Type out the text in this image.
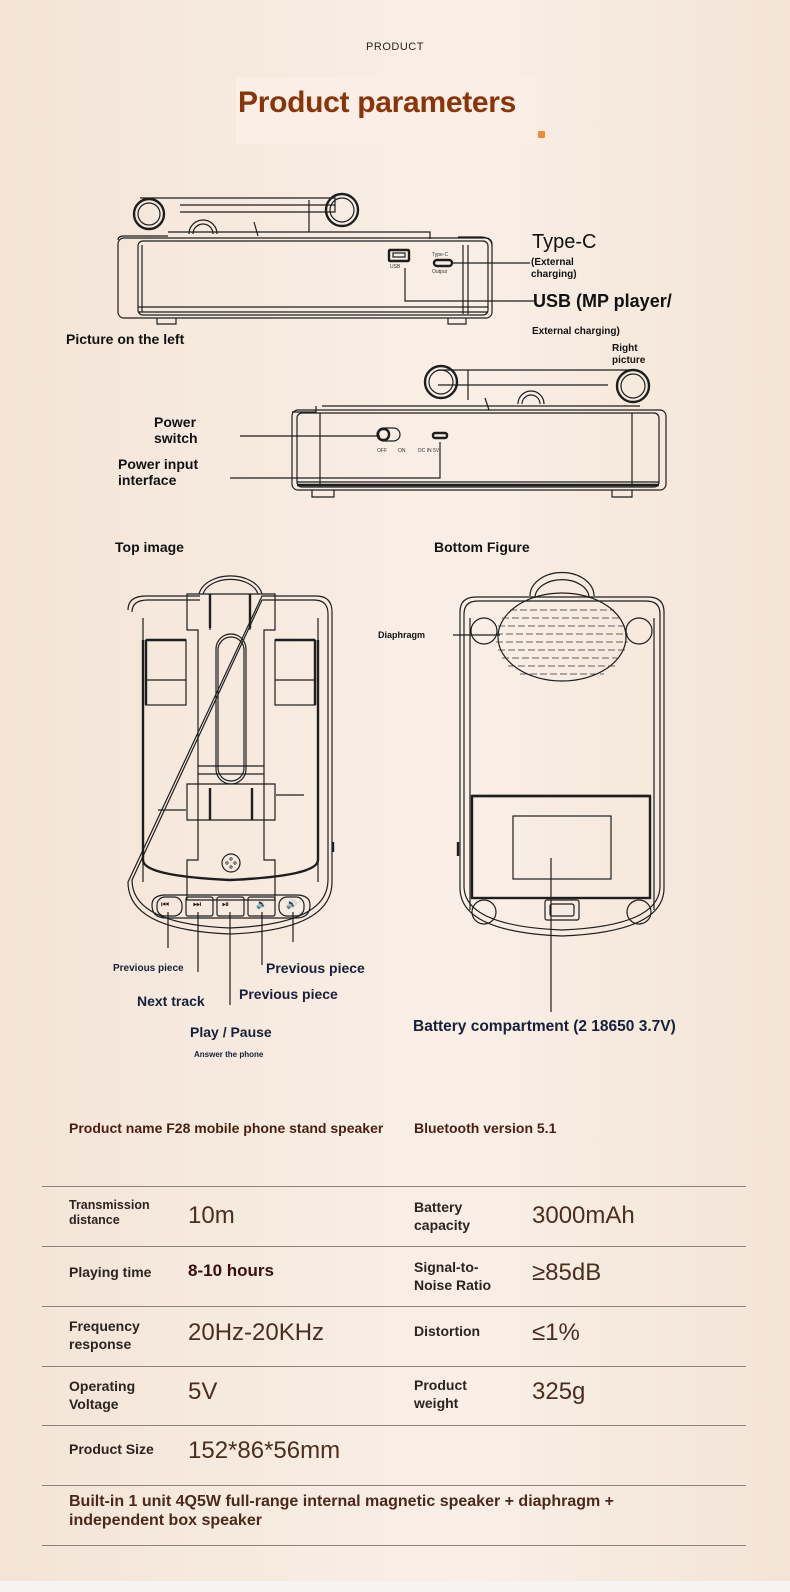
PRODUCT
Product parameters
USB
Type-C
Output
Type-C
(External charging)
USB (MP player/
External charging)
Picture on the left
OFF ON	DC IN 5V
Right picture
Power switch
Power input interface
Top image
⏮	⏭ ⏯	🔉 🔊
Previous piece
Next track
Play / Pause
Answer the phone
Previous piece
Previous piece
Bottom Figure
Diaphragm
Battery compartment (2 18650 3.7V)
Product name F28 mobile phone stand speaker Bluetooth version 5.1
Transmission distance	10m	Battery capacity	3000mAh
Playing time 8-10 hours	Signal-to-Noise Ratio	≥85dB
Frequency response	20Hz-20KHz	Distortion ≤1%
Operating Voltage	5V	Product weight	325g
Product Size 152*86*56mm
Built-in 1 unit 4Q5W full-range internal magnetic speaker + diaphragm + independent box speaker
